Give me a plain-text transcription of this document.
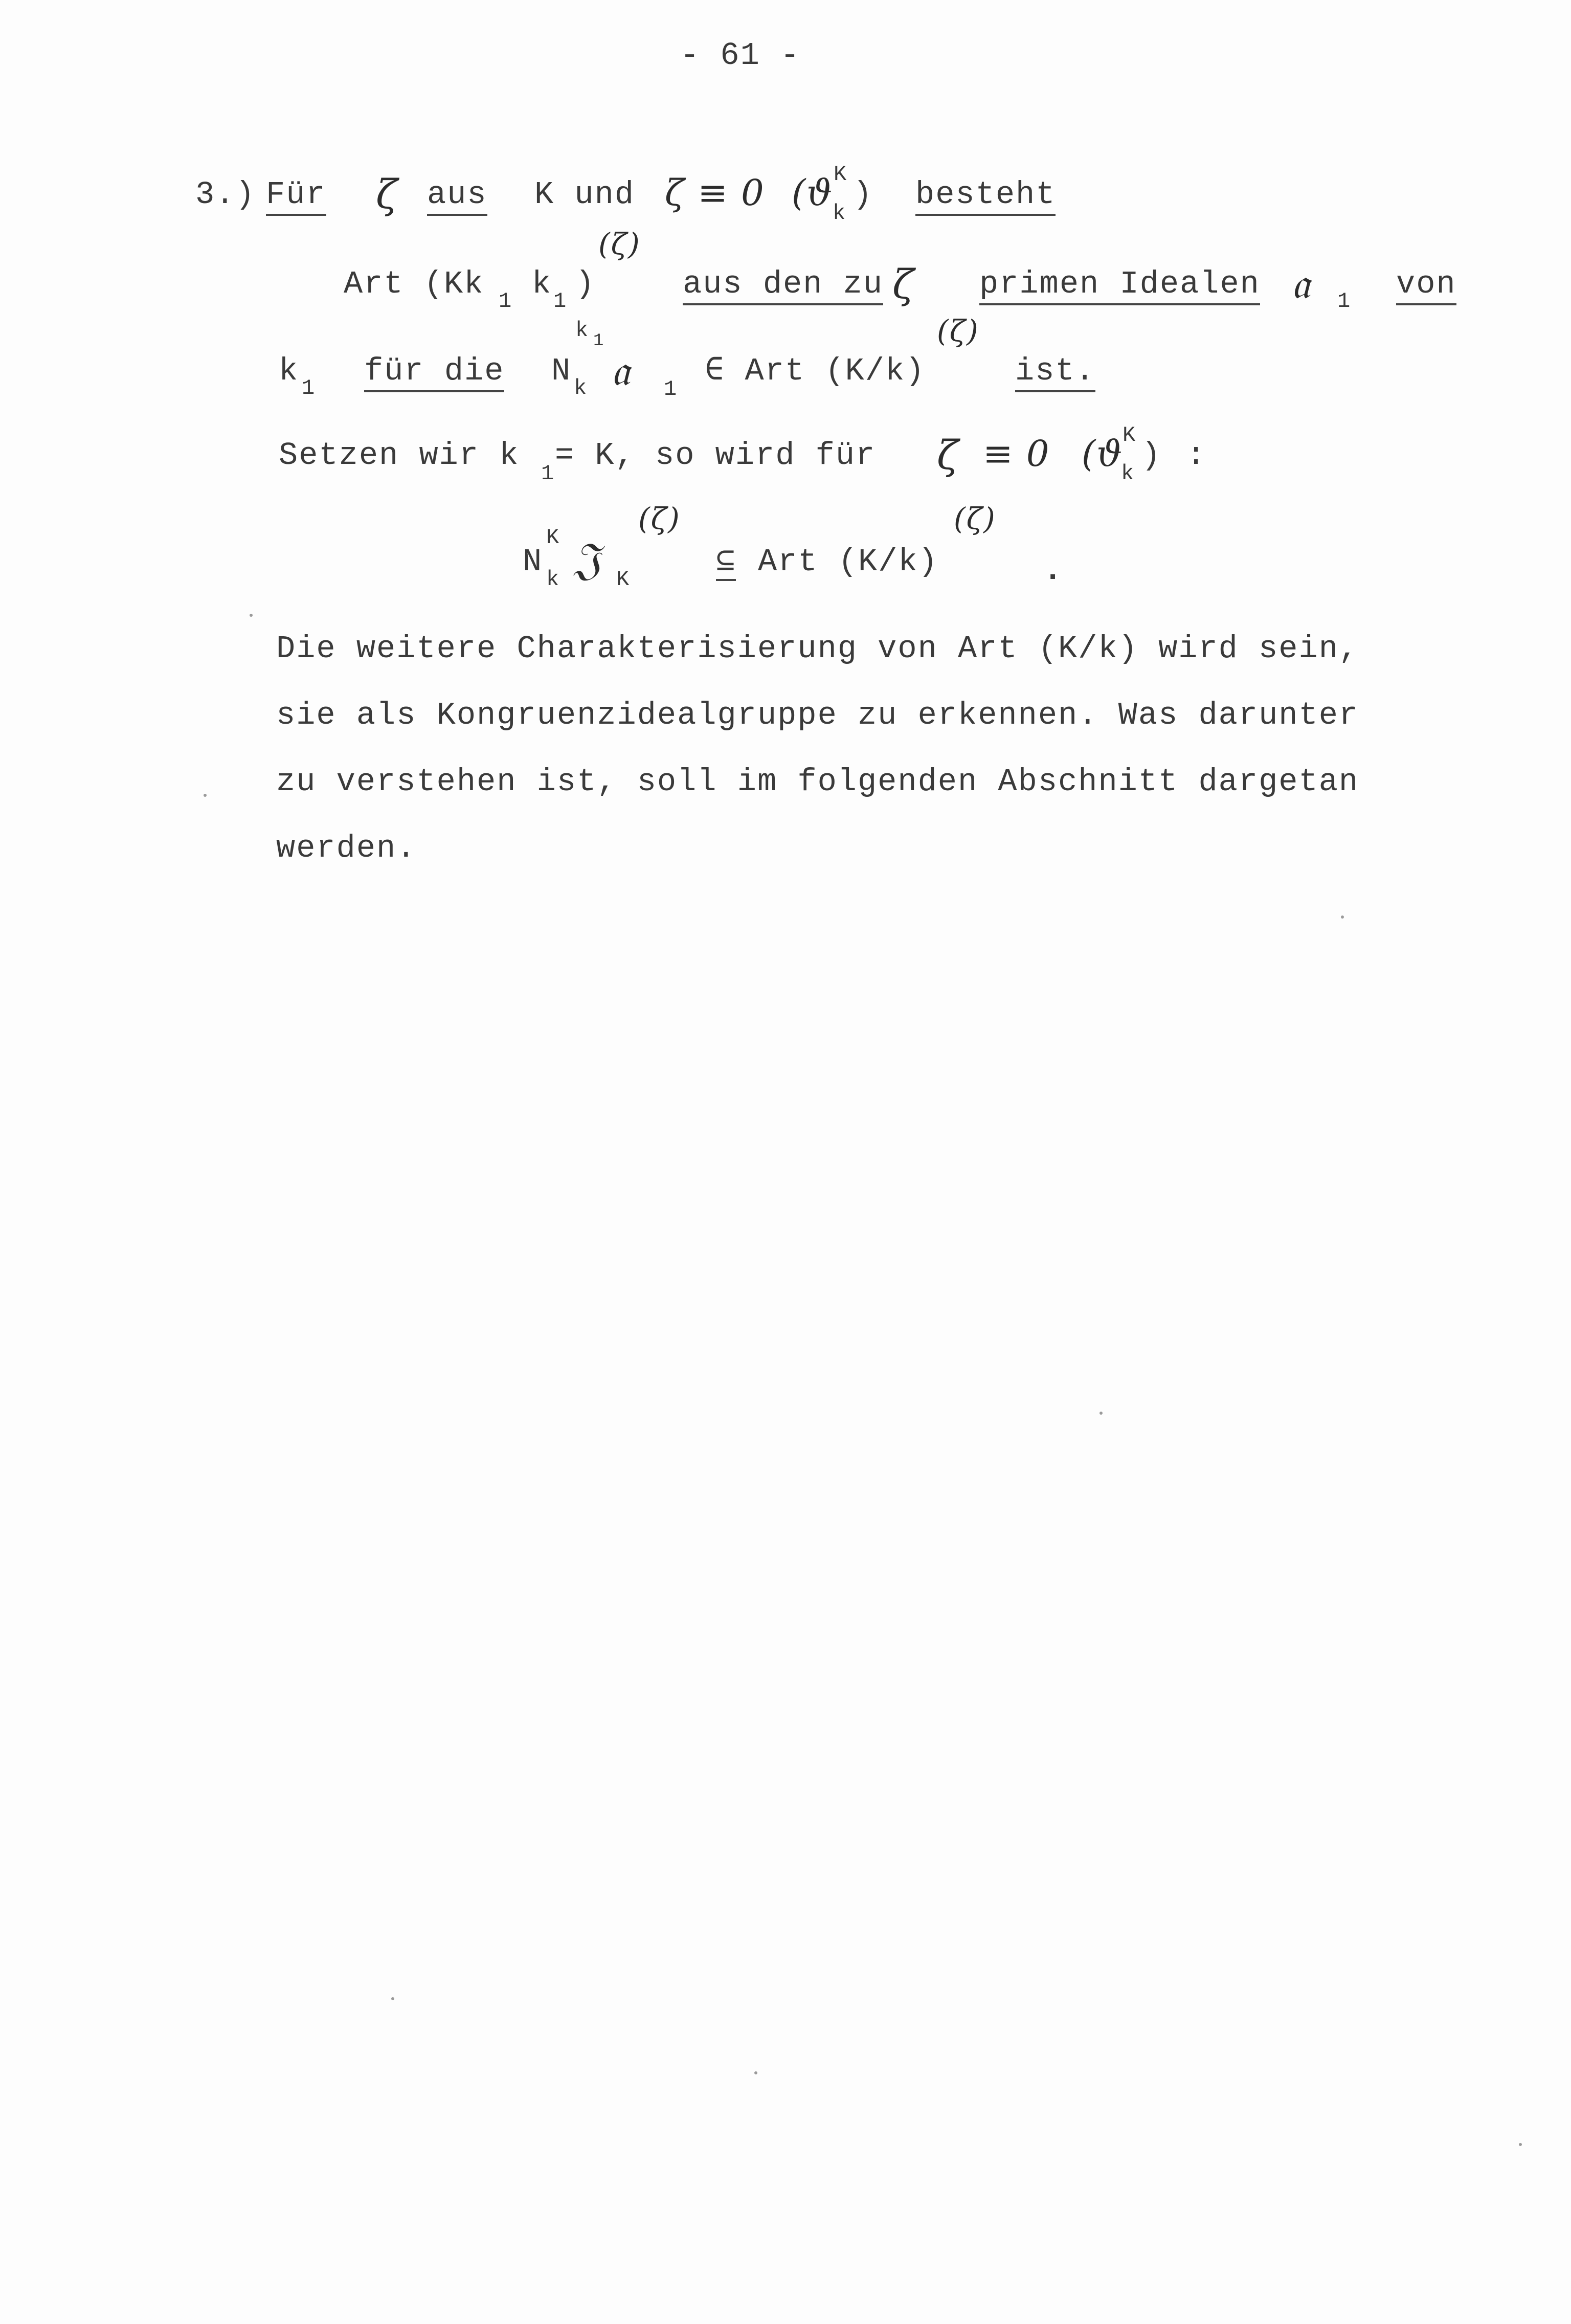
- 61 -
3.) Für ζ aus K und ζ ≡ 0 (ϑ K
k
) besteht
(ζ)
Art (Kk 1 k 1 )	aus den zu ζ primen Idealen 𝔞 1 von
k 1 für die
k 1
N k 𝔞 1 ∈ Art (K/k)
(ζ)
ist.
Setzen wir k 1 = K, so wird für ζ ≡ 0 (ϑ
K
k ) :
N
K
k 𝔍 K
(ζ)
⊆ Art (K/k)
(ζ)
.
Die weitere Charakterisierung von Art (K/k) wird sein,
sie als Kongruenzidealgruppe zu erkennen. Was darunter
zu verstehen ist, soll im folgenden Abschnitt dargetan
werden.
